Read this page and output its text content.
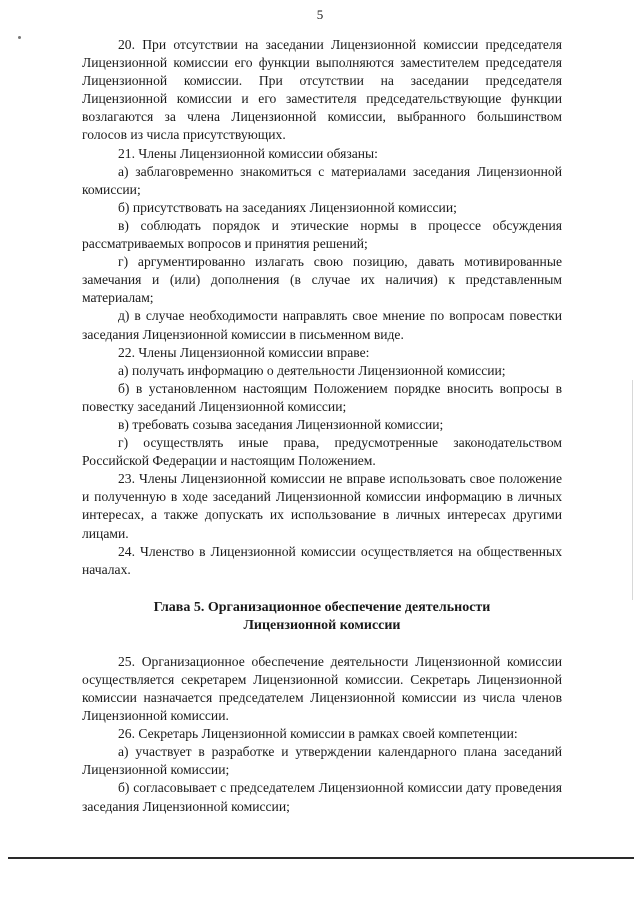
5

20. При отсутствии на заседании Лицензионной комиссии председателя Лицензионной комиссии его функции выполняются заместителем председателя Лицензионной комиссии. При отсутствии на заседании председателя Лицензионной комиссии и его заместителя председательствующие функции возлагаются за члена Лицензионной комиссии, выбранного большинством голосов из числа присутствующих.

21. Члены Лицензионной комиссии обязаны:

а) заблаговременно знакомиться с материалами заседания Лицензионной комиссии;

б) присутствовать на заседаниях Лицензионной комиссии;

в) соблюдать порядок и этические нормы в процессе обсуждения рассматриваемых вопросов и принятия решений;

г) аргументированно излагать свою позицию, давать мотивированные замечания и (или) дополнения (в случае их наличия) к представленным материалам;

д) в случае необходимости направлять свое мнение по вопросам повестки заседания Лицензионной комиссии в письменном виде.

22. Члены Лицензионной комиссии вправе:

а) получать информацию о деятельности Лицензионной комиссии;

б) в установленном настоящим Положением порядке вносить вопросы в повестку заседаний Лицензионной комиссии;

в) требовать созыва заседания Лицензионной комиссии;

г) осуществлять иные права, предусмотренные законодательством Российской Федерации и настоящим Положением.

23. Члены Лицензионной комиссии не вправе использовать свое положение и полученную в ходе заседаний Лицензионной комиссии информацию в личных интересах, а также допускать их использование в личных интересах другими лицами.

24. Членство в Лицензионной комиссии осуществляется на общественных началах.

Глава 5. Организационное обеспечение деятельности
Лицензионной комиссии

25. Организационное обеспечение деятельности Лицензионной комиссии осуществляется секретарем Лицензионной комиссии. Секретарь Лицензионной комиссии назначается председателем Лицензионной комиссии из числа членов Лицензионной комиссии.

26. Секретарь Лицензионной комиссии в рамках своей компетенции:

а) участвует в разработке и утверждении календарного плана заседаний Лицензионной комиссии;

б) согласовывает с председателем Лицензионной комиссии дату проведения заседания Лицензионной комиссии;
